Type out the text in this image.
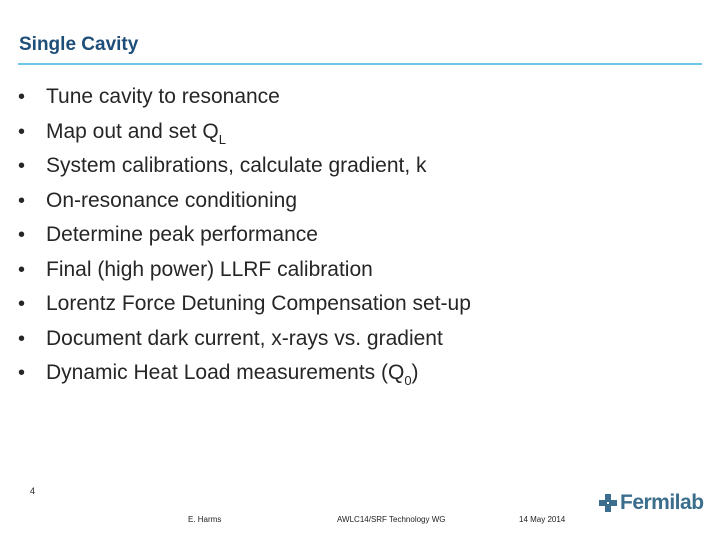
Single Cavity
• Tune cavity to resonance
• Map out and set $Q_L$
• System calibrations, calculate gradient, k
• On-resonance conditioning
• Determine peak performance
• Final (high power) LLRF calibration
• Lorentz Force Detuning Compensation set-up
• Document dark current, x-rays vs. gradient
• Dynamic Heat Load measurements $(Q_0)$
4
E. Harms	AWLC14/SRF Technology WG	14 May 2014
Fermilab
